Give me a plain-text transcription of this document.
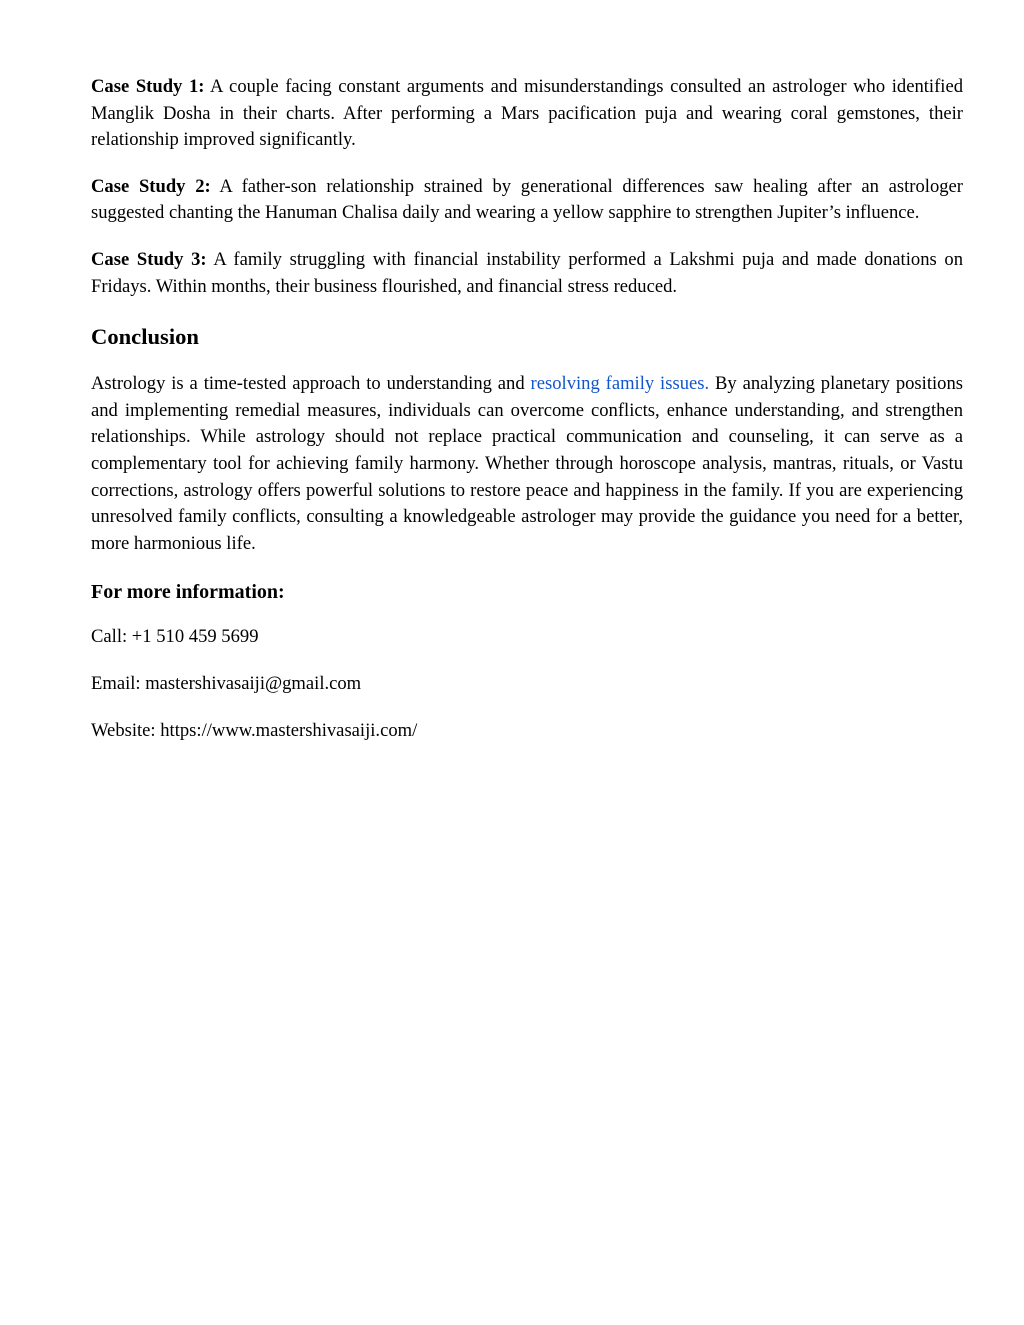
Case Study 1: A couple facing constant arguments and misunderstandings consulted an astrologer who identified Manglik Dosha in their charts. After performing a Mars pacification puja and wearing coral gemstones, their relationship improved significantly.

Case Study 2: A father-son relationship strained by generational differences saw healing after an astrologer suggested chanting the Hanuman Chalisa daily and wearing a yellow sapphire to strengthen Jupiter’s influence.

Case Study 3: A family struggling with financial instability performed a Lakshmi puja and made donations on Fridays. Within months, their business flourished, and financial stress reduced.

Conclusion

Astrology is a time-tested approach to understanding and resolving family issues. By analyzing planetary positions and implementing remedial measures, individuals can overcome conflicts, enhance understanding, and strengthen relationships. While astrology should not replace practical communication and counseling, it can serve as a complementary tool for achieving family harmony. Whether through horoscope analysis, mantras, rituals, or Vastu corrections, astrology offers powerful solutions to restore peace and happiness in the family. If you are experiencing unresolved family conflicts, consulting a knowledgeable astrologer may provide the guidance you need for a better, more harmonious life.

For more information:

Call: +1 510 459 5699

Email: mastershivasaiji@gmail.com

Website: https://www.mastershivasaiji.com/
